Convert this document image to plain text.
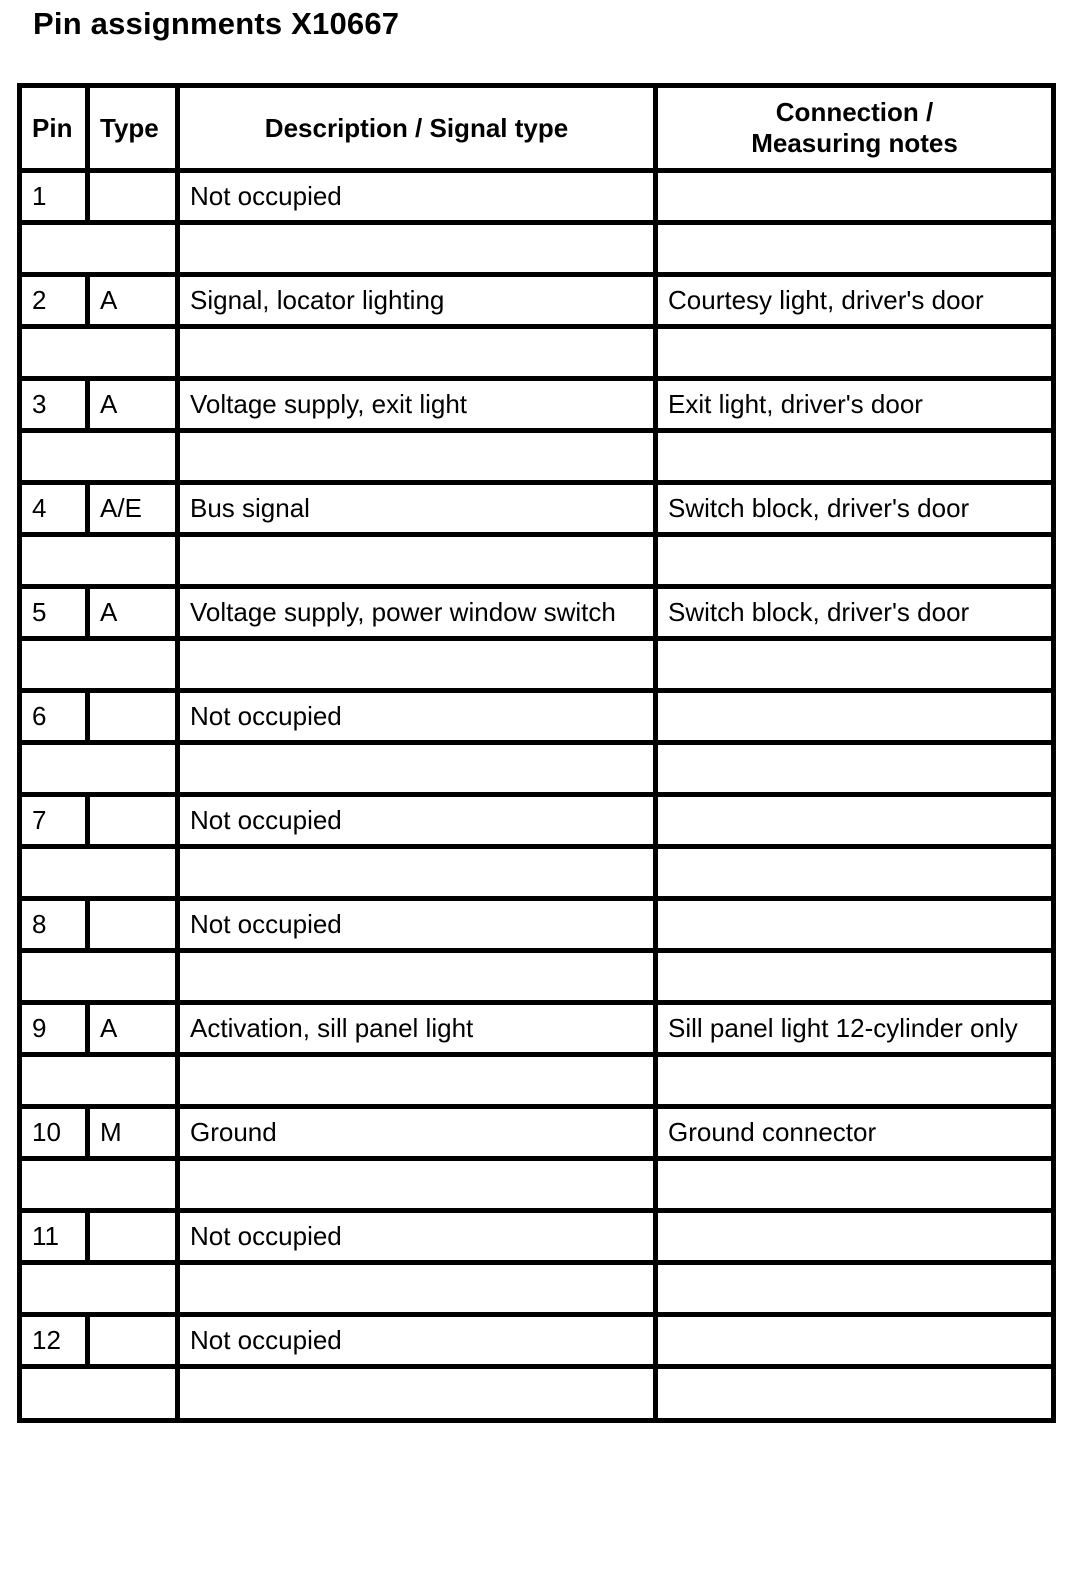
Pin assignments X10667
Pin	Type	Description / Signal type	Connection /
Measuring notes
1		Not occupied	

2	A	Signal, locator lighting	Courtesy light, driver's door

3	A	Voltage supply, exit light	Exit light, driver's door

4	A/E	Bus signal	Switch block, driver's door

5	A	Voltage supply, power window switch	Switch block, driver's door

6		Not occupied	

7		Not occupied	

8		Not occupied	

9	A	Activation, sill panel light	Sill panel light 12-cylinder only

10	M	Ground	Ground connector

11		Not occupied	

12		Not occupied	
